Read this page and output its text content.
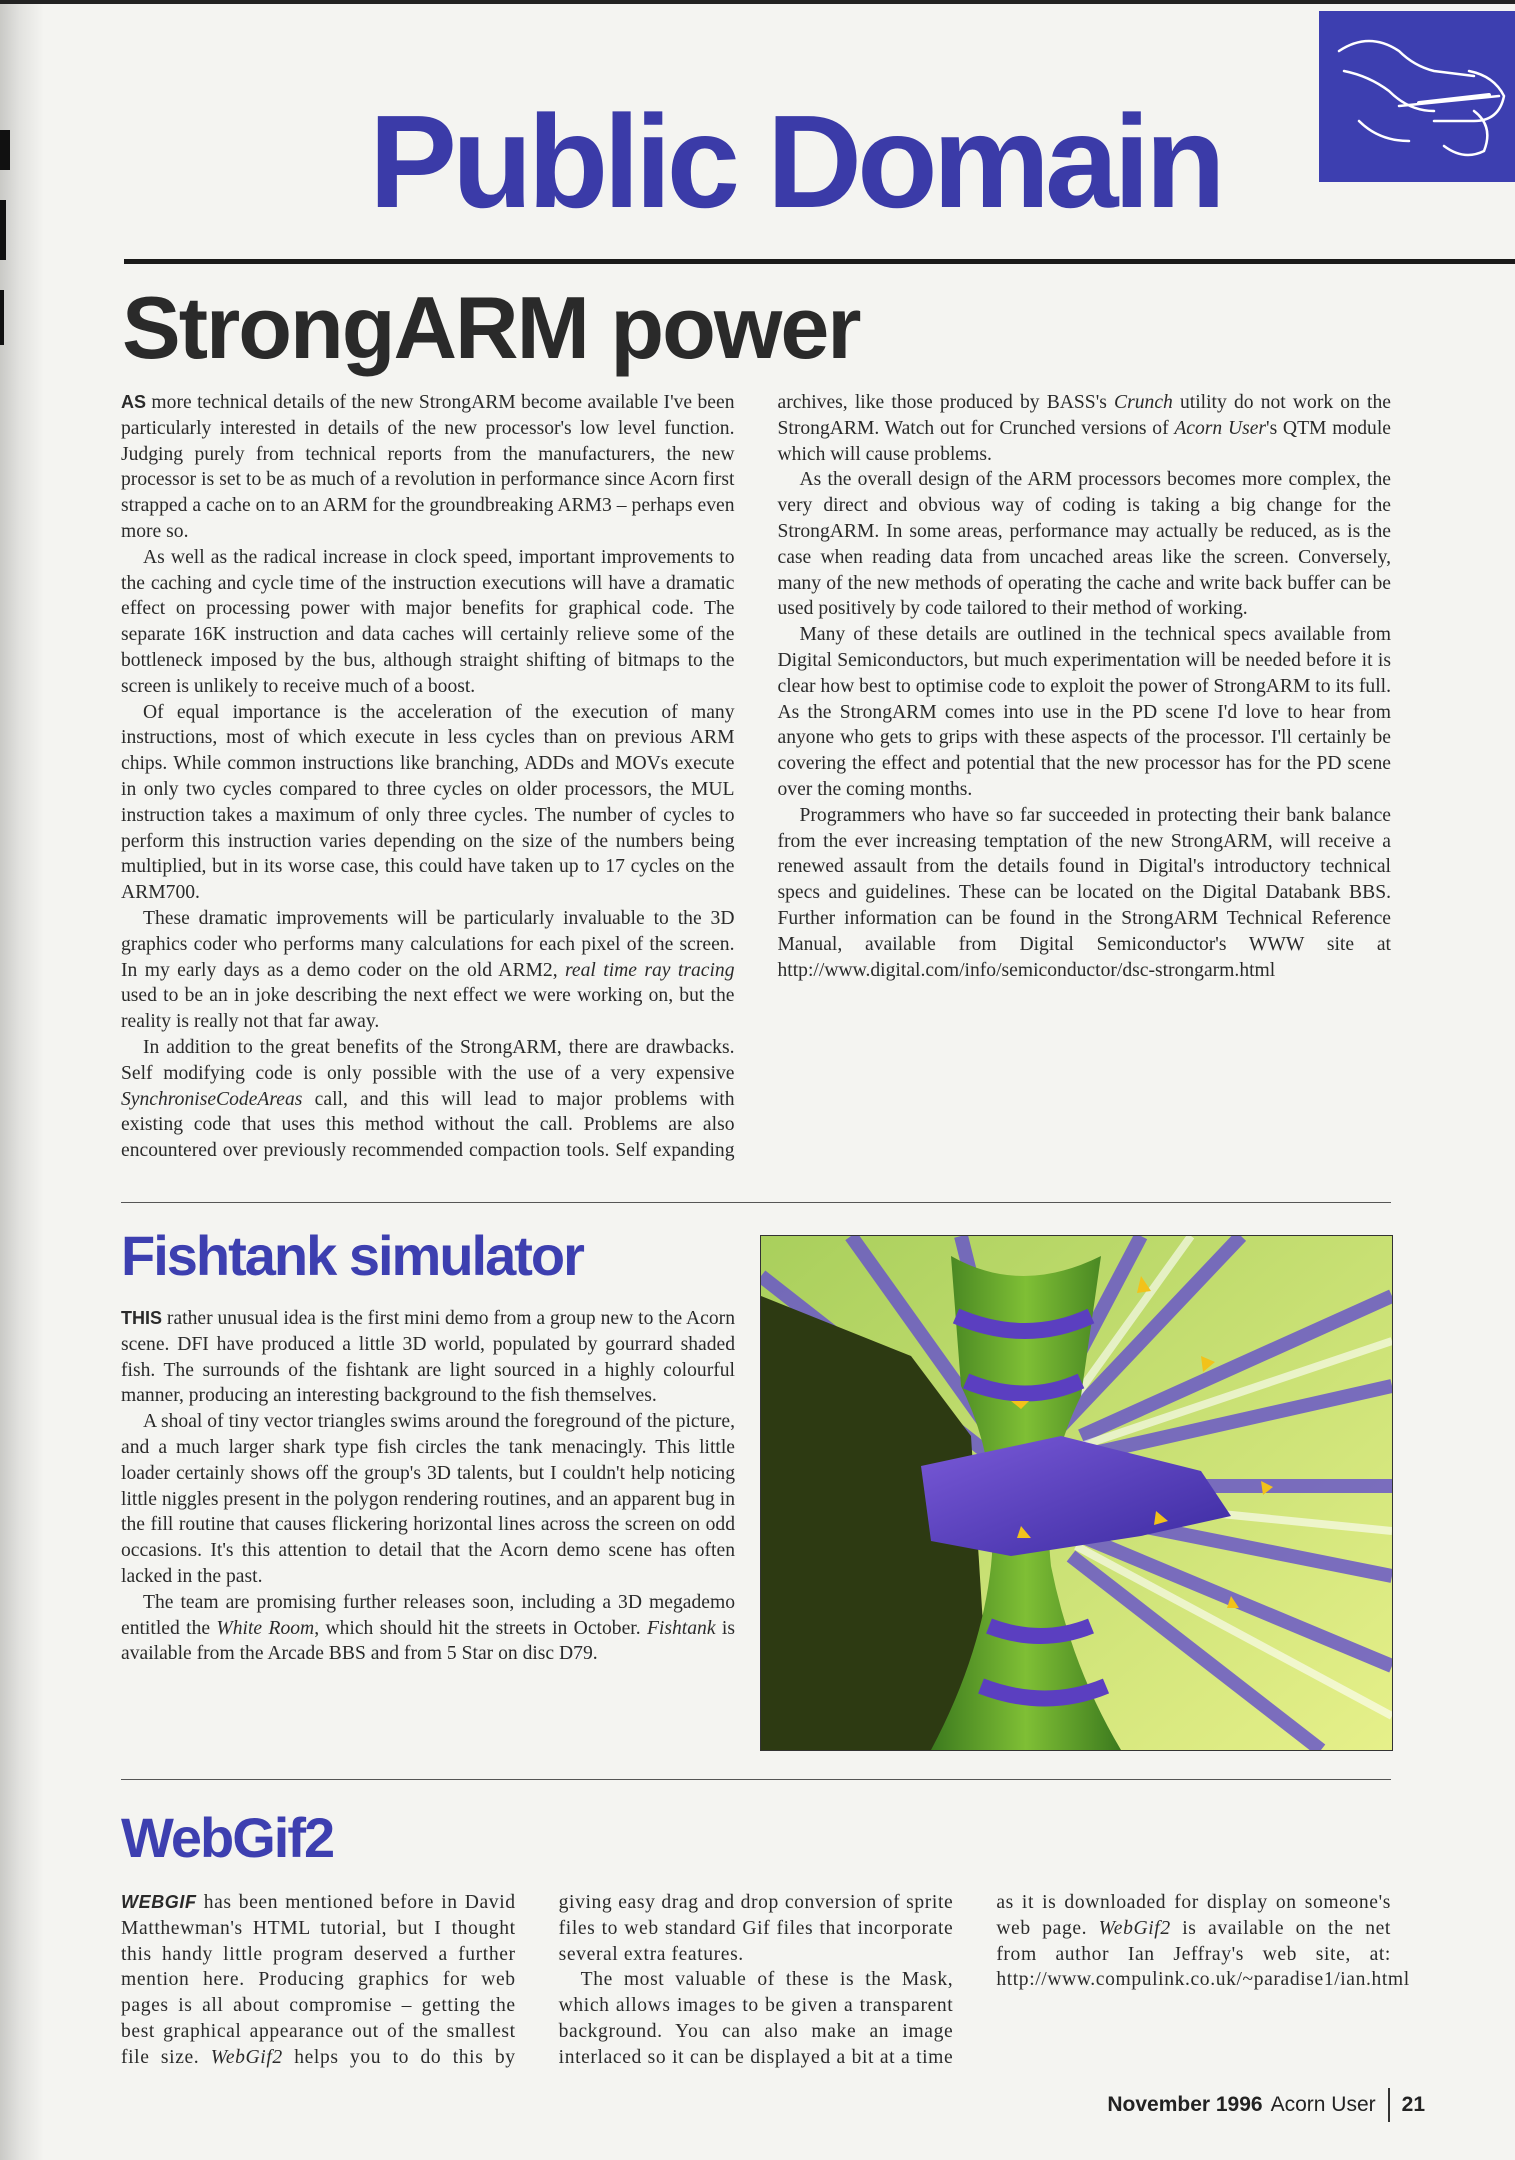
Public Domain
StrongARM power

AS more technical details of the new StrongARM become available I've been particularly interested in details of the new processor's low level function. Judging purely from technical reports from the manufacturers, the new processor is set to be as much of a revolution in performance since Acorn first strapped a cache on to an ARM for the groundbreaking ARM3 – perhaps even more so.

As well as the radical increase in clock speed, important improvements to the caching and cycle time of the instruction executions will have a dramatic effect on processing power with major benefits for graphical code. The separate 16K instruction and data caches will certainly relieve some of the bottleneck imposed by the bus, although straight shifting of bitmaps to the screen is unlikely to receive much of a boost.

Of equal importance is the acceleration of the execution of many instructions, most of which execute in less cycles than on previous ARM chips. While common instructions like branching, ADDs and MOVs execute in only two cycles compared to three cycles on older processors, the MUL instruction takes a maximum of only three cycles. The number of cycles to perform this instruction varies depending on the size of the numbers being multiplied, but in its worse case, this could have taken up to 17 cycles on the ARM700.

These dramatic improvements will be particularly invaluable to the 3D graphics coder who performs many calculations for each pixel of the screen. In my early days as a demo coder on the old ARM2, real time ray tracing used to be an in joke describing the next effect we were working on, but the reality is really not that far away.

In addition to the great benefits of the StrongARM, there are drawbacks. Self modifying code is only possible with the use of a very expensive SynchroniseCodeAreas call, and this will lead to major problems with existing code that uses this method without the call. Problems are also encountered over previously recommended compaction tools. Self expanding archives, like those produced by BASS's Crunch utility do not work on the StrongARM. Watch out for Crunched versions of Acorn User's QTM module which will cause problems.

As the overall design of the ARM processors becomes more complex, the very direct and obvious way of coding is taking a big change for the StrongARM. In some areas, performance may actually be reduced, as is the case when reading data from uncached areas like the screen. Conversely, many of the new methods of operating the cache and write back buffer can be used positively by code tailored to their method of working.

Many of these details are outlined in the technical specs available from Digital Semiconductors, but much experimentation will be needed before it is clear how best to optimise code to exploit the power of StrongARM to its full. As the StrongARM comes into use in the PD scene I'd love to hear from anyone who gets to grips with these aspects of the processor. I'll certainly be covering the effect and potential that the new processor has for the PD scene over the coming months.

Programmers who have so far succeeded in protecting their bank balance from the ever increasing temptation of the new StrongARM, will receive a renewed assault from the details found in Digital's introductory technical specs and guidelines. These can be located on the Digital Databank BBS. Further information can be found in the StrongARM Technical Reference Manual, available from Digital Semiconductor's WWW site at http://www.digital.com/info/semiconductor/dsc-strongarm.html

Fishtank simulator

THIS rather unusual idea is the first mini demo from a group new to the Acorn scene. DFI have produced a little 3D world, populated by gourrard shaded fish. The surrounds of the fishtank are light sourced in a highly colourful manner, producing an interesting background to the fish themselves.

A shoal of tiny vector triangles swims around the foreground of the picture, and a much larger shark type fish circles the tank menacingly. This little loader certainly shows off the group's 3D talents, but I couldn't help noticing little niggles present in the polygon rendering routines, and an apparent bug in the fill routine that causes flickering horizontal lines across the screen on odd occasions. It's this attention to detail that the Acorn demo scene has often lacked in the past.

The team are promising further releases soon, including a 3D megademo entitled the White Room, which should hit the streets in October. Fishtank is available from the Arcade BBS and from 5 Star on disc D79.

WebGif2

WEBGIF has been mentioned before in David Matthewman's HTML tutorial, but I thought this handy little program deserved a further mention here. Producing graphics for web pages is all about compromise – getting the best graphical appearance out of the smallest file size. WebGif2 helps you to do this by giving easy drag and drop conversion of sprite files to web standard Gif files that incorporate several extra features.

The most valuable of these is the Mask, which allows images to be given a transparent background. You can also make an image interlaced so it can be displayed a bit at a time as it is downloaded for display on someone's web page. WebGif2 is available on the net from author Ian Jeffray's web site, at: http://www.compulink.co.uk/~paradise1/ian.html

November 1996 Acorn User 21
